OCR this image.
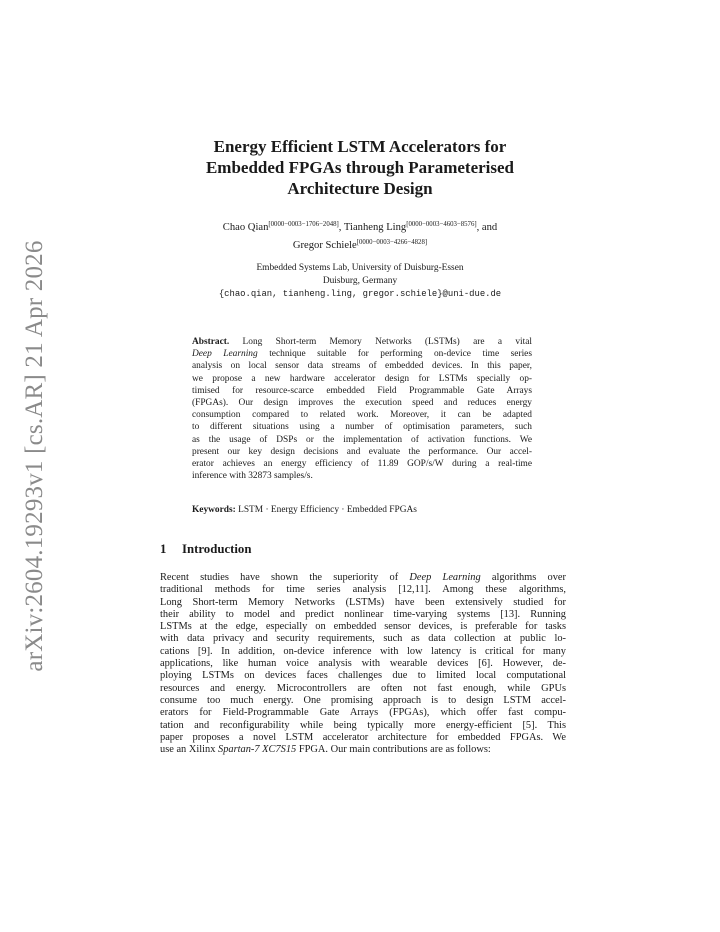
arXiv:2604.19293v1 [cs.AR] 21 Apr 2026
Energy Efficient LSTM Accelerators for
Embedded FPGAs through Parameterised
Architecture Design
Chao Qian[0000−0003−1706−2048], Tianheng Ling[0000−0003−4603−8576], and
Gregor Schiele[0000−0003−4266−4828]
Embedded Systems Lab, University of Duisburg-Essen
Duisburg, Germany
{chao.qian, tianheng.ling, gregor.schiele}@uni-due.de
Abstract. Long Short-term Memory Networks (LSTMs) are a vital
Deep Learning technique suitable for performing on-device time series
analysis on local sensor data streams of embedded devices. In this paper,
we propose a new hardware accelerator design for LSTMs specially op-
timised for resource-scarce embedded Field Programmable Gate Arrays
(FPGAs). Our design improves the execution speed and reduces energy
consumption compared to related work. Moreover, it can be adapted
to different situations using a number of optimisation parameters, such
as the usage of DSPs or the implementation of activation functions. We
present our key design decisions and evaluate the performance. Our accel-
erator achieves an energy efficiency of 11.89 GOP/s/W during a real-time
inference with 32873 samples/s.
Keywords: LSTM · Energy Efficiency · Embedded FPGAs
1 Introduction
Recent studies have shown the superiority of Deep Learning algorithms over
traditional methods for time series analysis [12,11]. Among these algorithms,
Long Short-term Memory Networks (LSTMs) have been extensively studied for
their ability to model and predict nonlinear time-varying systems [13]. Running
LSTMs at the edge, especially on embedded sensor devices, is preferable for tasks
with data privacy and security requirements, such as data collection at public lo-
cations [9]. In addition, on-device inference with low latency is critical for many
applications, like human voice analysis with wearable devices [6]. However, de-
ploying LSTMs on devices faces challenges due to limited local computational
resources and energy. Microcontrollers are often not fast enough, while GPUs
consume too much energy. One promising approach is to design LSTM accel-
erators for Field-Programmable Gate Arrays (FPGAs), which offer fast compu-
tation and reconfigurability while being typically more energy-efficient [5]. This
paper proposes a novel LSTM accelerator architecture for embedded FPGAs. We
use an Xilinx Spartan-7 XC7S15 FPGA. Our main contributions are as follows:
